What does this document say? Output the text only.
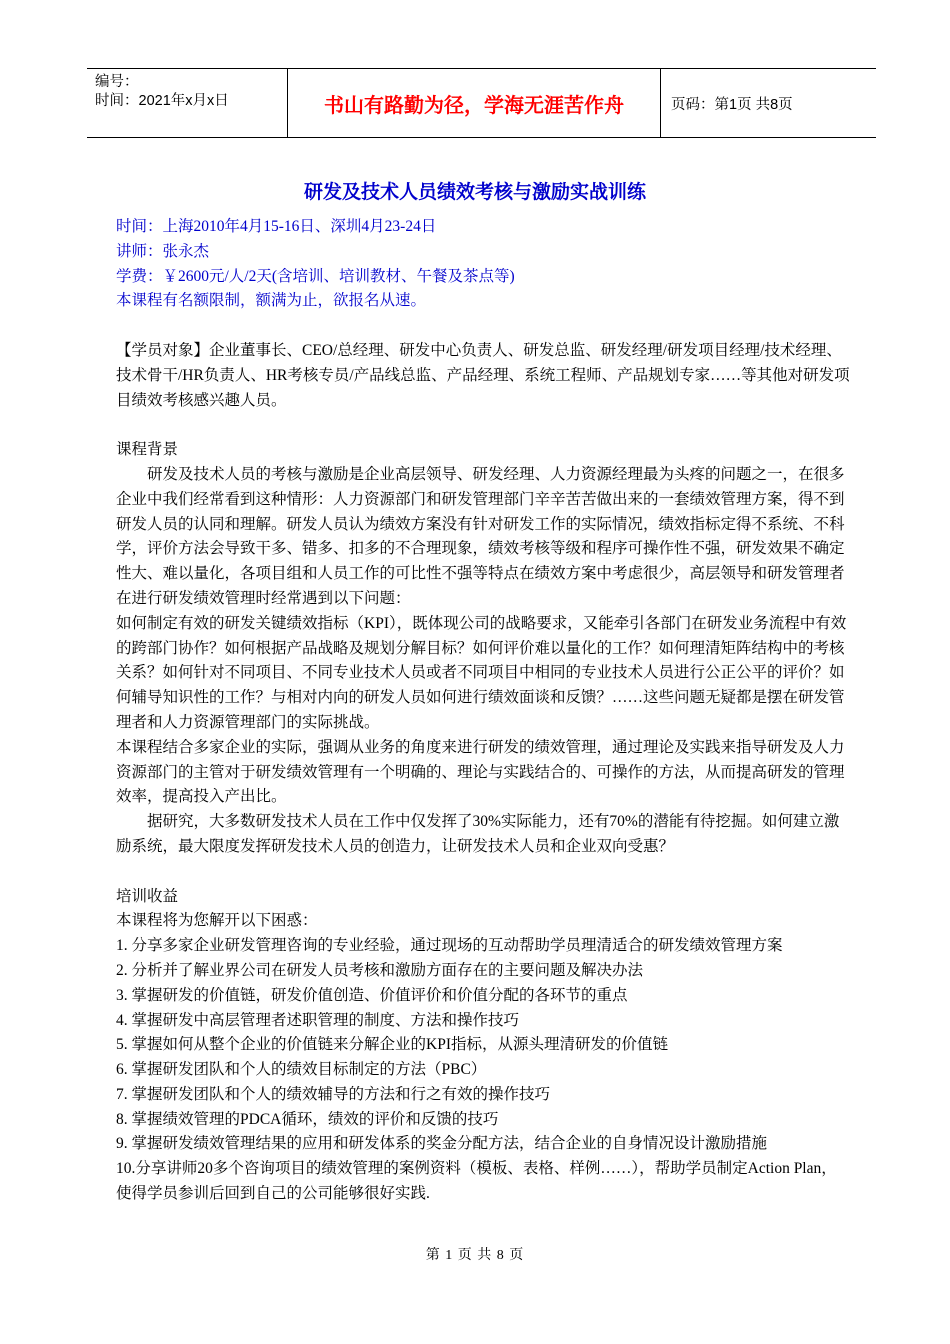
编号：
时间：2021年x月x日	书山有路勤为径，学海无涯苦作舟	页码：第1页 共8页
研发及技术人员绩效考核与激励实战训练

时间：上海2010年4月15-16日、深圳4月23-24日

讲师：张永杰

学费：￥2600元/人/2天(含培训、培训教材、午餐及茶点等)

本课程有名额限制，额满为止，欲报名从速。

【学员对象】企业董事长、CEO/总经理、研发中心负责人、研发总监、研发经理/研发项目经理/技术经理、技术骨干/HR负责人、HR考核专员/产品线总监、产品经理、系统工程师、产品规划专家……等其他对研发项目绩效考核感兴趣人员。

课程背景

研发及技术人员的考核与激励是企业高层领导、研发经理、人力资源经理最为头疼的问题之一，在很多企业中我们经常看到这种情形：人力资源部门和研发管理部门辛辛苦苦做出来的一套绩效管理方案，得不到研发人员的认同和理解。研发人员认为绩效方案没有针对研发工作的实际情况，绩效指标定得不系统、不科学，评价方法会导致干多、错多、扣多的不合理现象，绩效考核等级和程序可操作性不强，研发效果不确定性大、难以量化，各项目组和人员工作的可比性不强等特点在绩效方案中考虑很少，高层领导和研发管理者在进行研发绩效管理时经常遇到以下问题：

如何制定有效的研发关键绩效指标（KPI），既体现公司的战略要求，又能牵引各部门在研发业务流程中有效的跨部门协作？如何根据产品战略及规划分解目标？如何评价难以量化的工作？如何理清矩阵结构中的考核关系？如何针对不同项目、不同专业技术人员或者不同项目中相同的专业技术人员进行公正公平的评价？如何辅导知识性的工作？与相对内向的研发人员如何进行绩效面谈和反馈？……这些问题无疑都是摆在研发管理者和人力资源管理部门的实际挑战。

本课程结合多家企业的实际，强调从业务的角度来进行研发的绩效管理，通过理论及实践来指导研发及人力资源部门的主管对于研发绩效管理有一个明确的、理论与实践结合的、可操作的方法，从而提高研发的管理效率，提高投入产出比。

据研究，大多数研发技术人员在工作中仅发挥了30%实际能力，还有70%的潜能有待挖掘。如何建立激励系统，最大限度发挥研发技术人员的创造力，让研发技术人员和企业双向受惠？

培训收益

本课程将为您解开以下困惑：

1. 分享多家企业研发管理咨询的专业经验，通过现场的互动帮助学员理清适合的研发绩效管理方案

2. 分析并了解业界公司在研发人员考核和激励方面存在的主要问题及解决办法

3. 掌握研发的价值链，研发价值创造、价值评价和价值分配的各环节的重点

4. 掌握研发中高层管理者述职管理的制度、方法和操作技巧

5. 掌握如何从整个企业的价值链来分解企业的KPI指标，从源头理清研发的价值链

6. 掌握研发团队和个人的绩效目标制定的方法（PBC）

7. 掌握研发团队和个人的绩效辅导的方法和行之有效的操作技巧

8. 掌握绩效管理的PDCA循环，绩效的评价和反馈的技巧

9. 掌握研发绩效管理结果的应用和研发体系的奖金分配方法，结合企业的自身情况设计激励措施

10.分享讲师20多个咨询项目的绩效管理的案例资料（模板、表格、样例……），帮助学员制定Action Plan，使得学员参训后回到自己的公司能够很好实践.

第 1 页 共 8 页
